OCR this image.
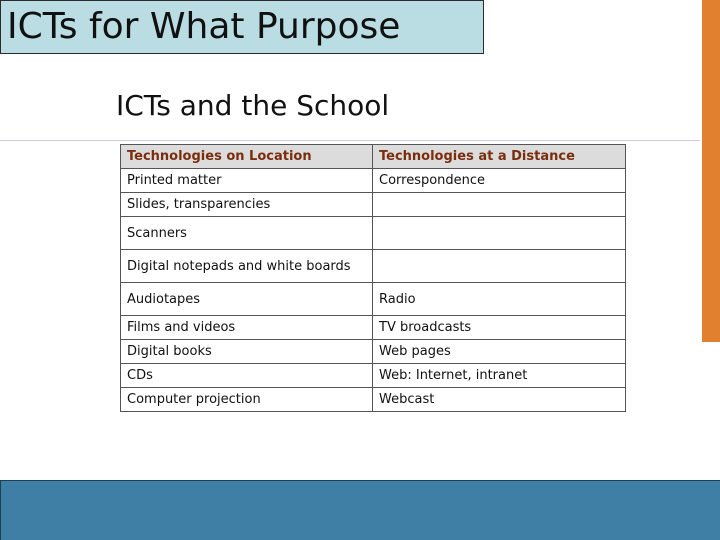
ICTs for What Purpose
ICTs and the School
Technologies on Location	Technologies at a Distance
Printed matter	Correspondence
Slides, transparencies	
Scanners	
Digital notepads and white boards	
Audiotapes	Radio
Films and videos	TV broadcasts
Digital books	Web pages
CDs	Web: Internet, intranet
Computer projection	Webcast
